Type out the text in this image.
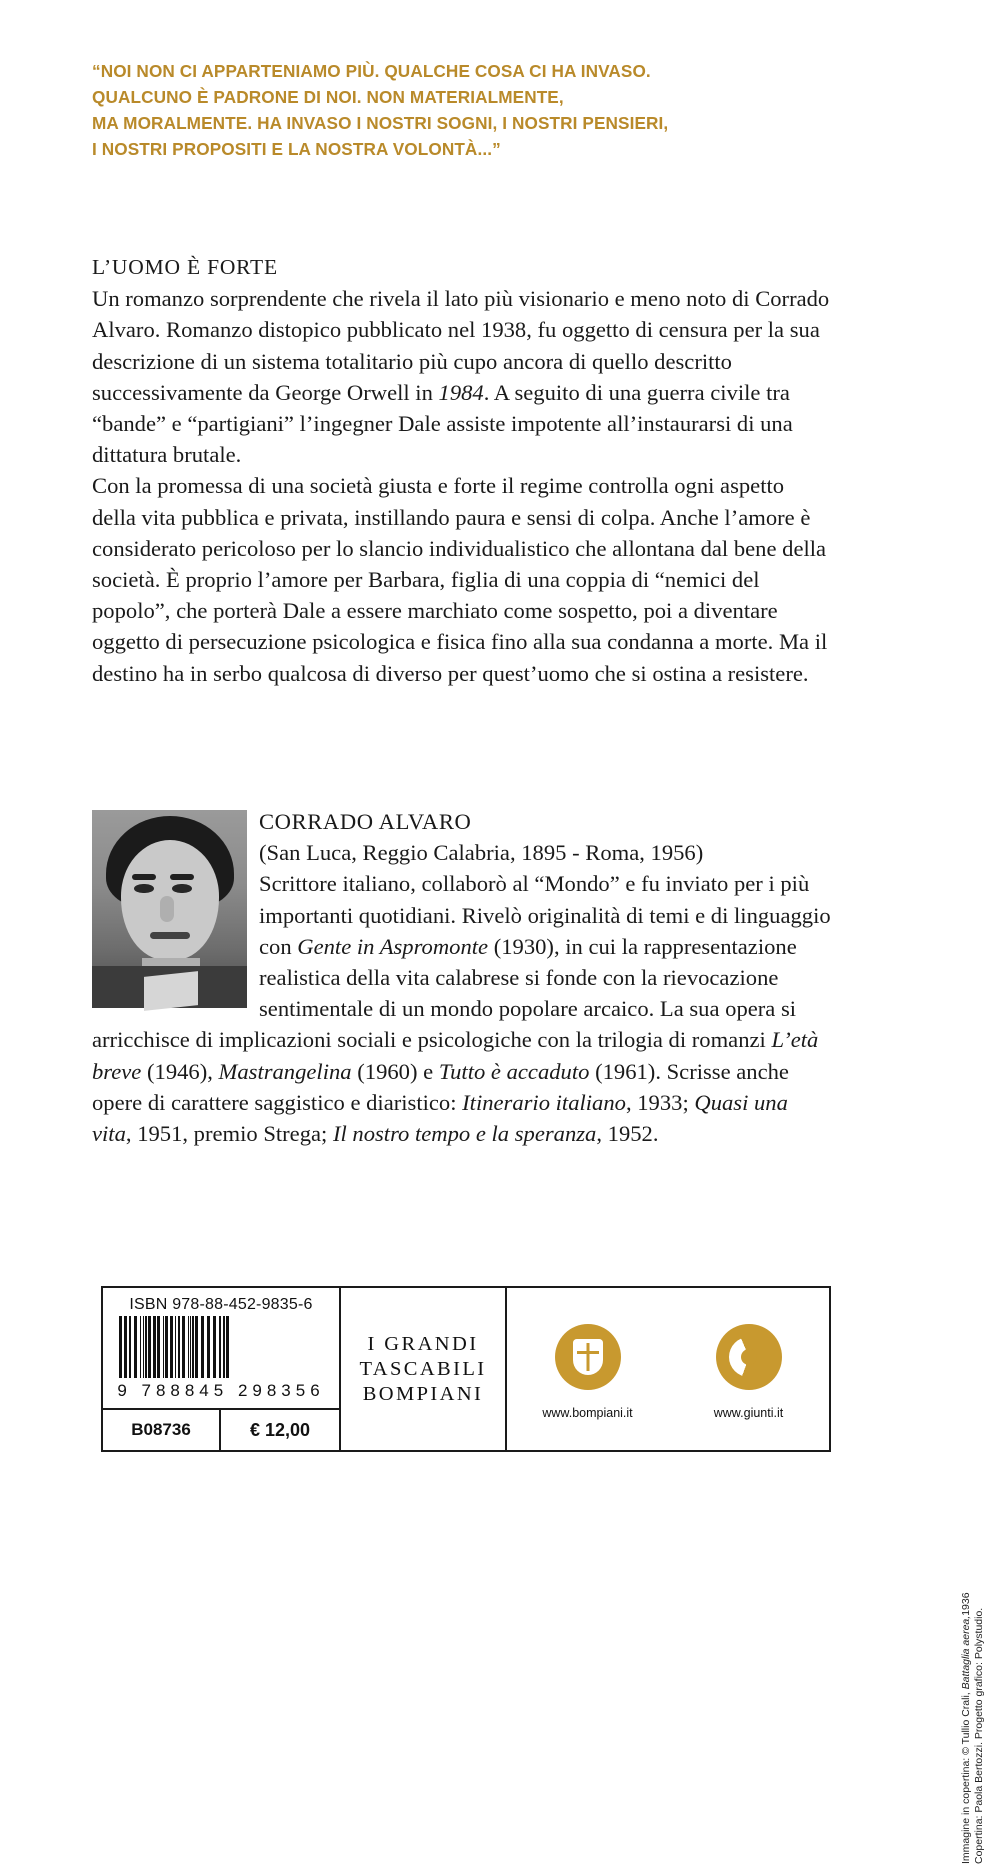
Immagine in copertina: © Tullio Crali, Battaglia aerea,1936
Copertina: Paola Bertozzi. Progetto grafico: Polystudio.
“NOI NON CI APPARTENIAMO PIÙ. QUALCHE COSA CI HA INVASO.
QUALCUNO È PADRONE DI NOI. NON MATERIALMENTE,
MA MORALMENTE. HA INVASO I NOSTRI SOGNI, I NOSTRI PENSIERI,
I NOSTRI PROPOSITI E LA NOSTRA VOLONTÀ...”

L’UOMO È FORTE

Un romanzo sorprendente che rivela il lato più visionario e meno noto di Corrado Alvaro. Romanzo distopico pubblicato nel 1938, fu oggetto di censura per la sua descrizione di un sistema totalitario più cupo ancora di quello descritto successivamente da George Orwell in 1984. A seguito di una guerra civile tra “bande” e “partigiani” l’ingegner Dale assiste impotente all’instaurarsi di una dittatura brutale.

Con la promessa di una società giusta e forte il regime controlla ogni aspetto della vita pubblica e privata, instillando paura e sensi di colpa. Anche l’amore è considerato pericoloso per lo slancio individualistico che allontana dal bene della società. È proprio l’amore per Barbara, figlia di una coppia di “nemici del popolo”, che porterà Dale a essere marchiato come sospetto, poi a diventare oggetto di persecuzione psicologica e fisica fino alla sua condanna a morte. Ma il destino ha in serbo qualcosa di diverso per quest’uomo che si ostina a resistere.

CORRADO ALVARO
(San Luca, Reggio Calabria, 1895 - Roma, 1956)
Scrittore italiano, collaborò al “Mondo” e fu inviato per i più importanti quotidiani. Rivelò originalità di temi e di linguaggio con Gente in Aspromonte (1930), in cui la rappresentazione realistica della vita calabrese si fonde con la rievocazione sentimentale di un mondo popolare arcaico. La sua opera si arricchisce di implicazioni sociali e psicologiche con la trilogia di romanzi L’età breve (1946), Mastrangelina (1960) e Tutto è accaduto (1961). Scrisse anche opere di carattere saggistico e diaristico: Itinerario italiano, 1933; Quasi una vita, 1951, premio Strega; Il nostro tempo e la speranza, 1952.
ISBN 978-88-452-9835-6
9 788845 298356
B08736	€ 12,00
I GRANDI
TASCABILI
BOMPIANI
www.bompiani.it	www.giunti.it
